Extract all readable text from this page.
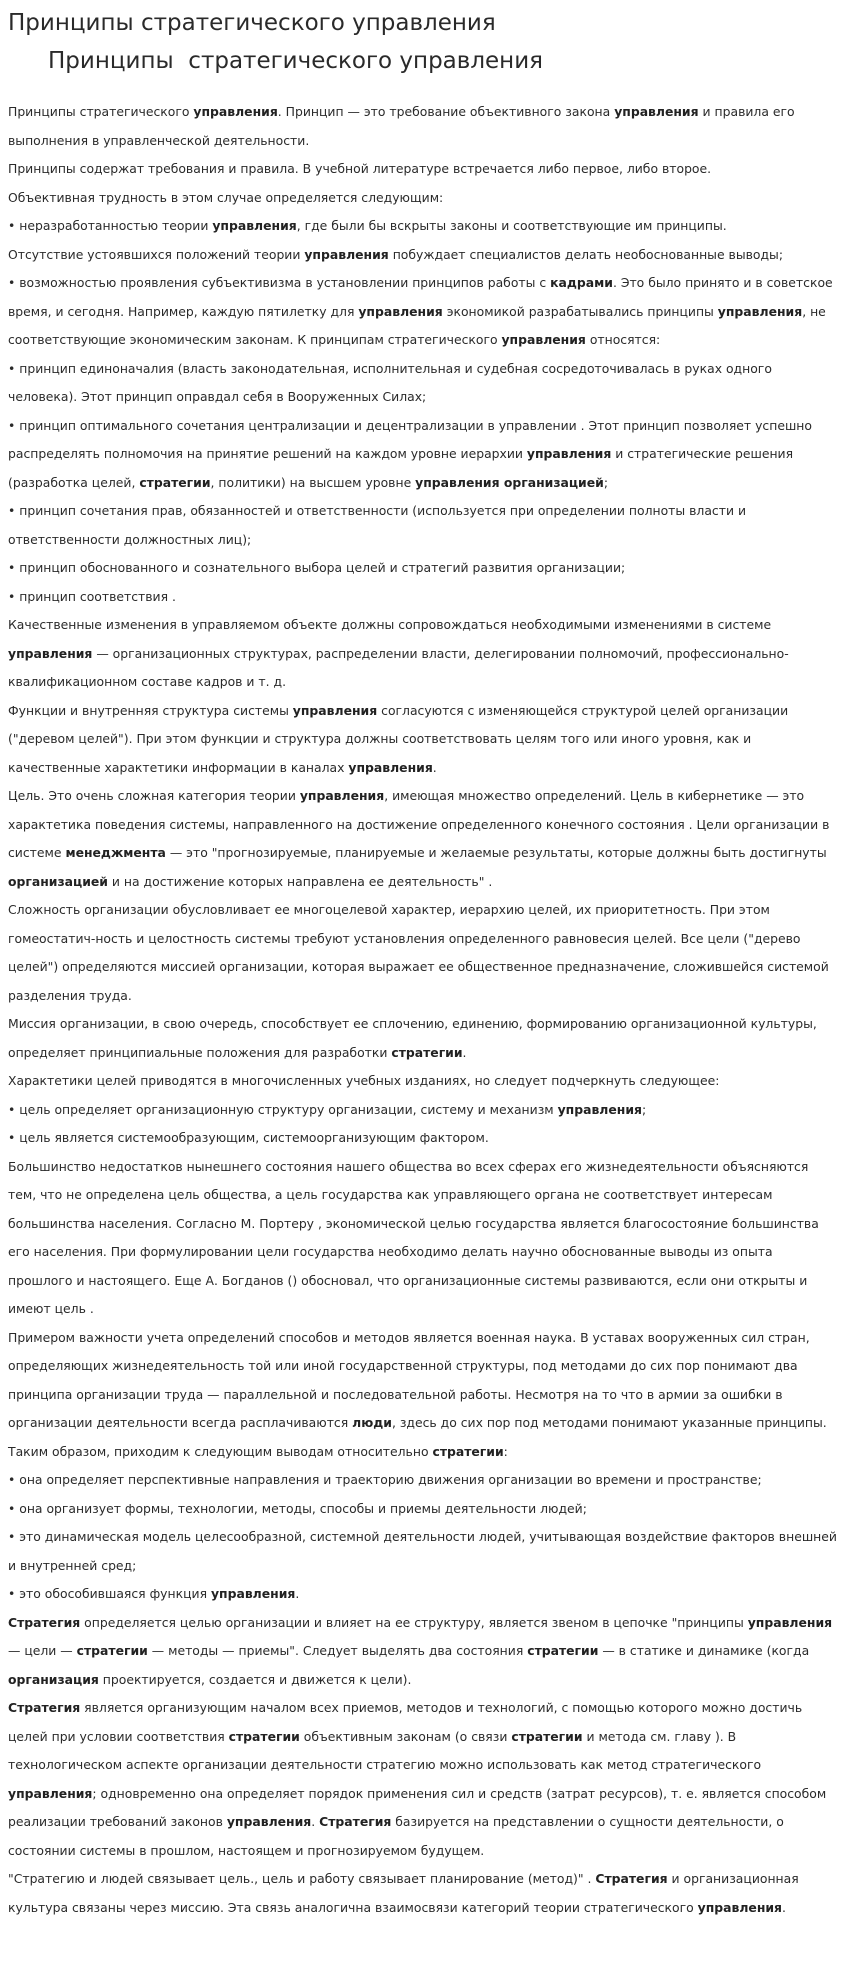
Принципы стратегического управления
Принципы  стратегического управления

Принципы стратегического управления. Принцип — это требование объективного закона управления и правила его выполнения в управленческой деятельности.

Принципы содержат требования и правила. В учебной литературе встречается либо первое, либо второе.

Объективная трудность в этом случае определяется следующим:

• неразработанностью теории управления, где были бы вскрыты законы и соответствующие им принципы.

Отсутствие устоявшихся положений теории управления побуждает специалистов делать необоснованные выводы;

• возможностью проявления субъективизма в установлении принципов работы с кадрами. Это было принято и в советское время, и сегодня. Например, каждую пятилетку для управления экономикой разрабатывались принципы управления, не соответствующие экономическим законам. К принципам стратегического управления относятся:

• принцип единоначалия (власть законодательная, исполнительная и судебная сосредоточивалась в руках одного человека). Этот принцип оправдал себя в Вооруженных Силах;

• принцип оптимального сочетания централизации и децентрализации в управлении . Этот принцип позволяет успешно распределять полномочия на принятие решений на каждом уровне иерархии управления и стратегические решения (разработка целей, стратегии, политики) на высшем уровне управления организацией;

• принцип сочетания прав, обязанностей и ответственности (используется при определении полноты власти и ответственности должностных лиц);

• принцип обоснованного и сознательного выбора целей и стратегий развития организации;

• принцип соответствия .

Качественные изменения в управляемом объекте должны сопровождаться необходимыми изменениями в системе управления — организационных структурах, распределении власти, делегировании полномочий, профессионально-квалификационном составе кадров и т. д.

Функции и внутренняя структура системы управления согласуются с изменяющейся структурой целей организации ("деревом целей"). При этом функции и структура должны соответствовать целям того или иного уровня, как и качественные характетики информации в каналах управления.

Цель. Это очень сложная категория теории управления, имеющая множество определений. Цель в кибернетике — это характетика поведения системы, направленного на достижение определенного конечного состояния . Цели организации в системе менеджмента — это "прогнозируемые, планируемые и желаемые результаты, которые должны быть достигнуты организацией и на достижение которых направлена ее деятельность" .

Сложность организации обусловливает ее многоцелевой характер, иерархию целей, их приоритетность. При этом гомеостатич-ность и целостность системы требуют установления определенного равновесия целей. Все цели ("дерево целей") определяются миссией организации, которая выражает ее общественное предназначение, сложившейся системой разделения труда.

Миссия организации, в свою очередь, способствует ее сплочению, единению, формированию организационной культуры, определяет принципиальные положения для разработки стратегии.

Характетики целей приводятся в многочисленных учебных изданиях, но следует подчеркнуть следующее:

• цель определяет организационную структуру организации, систему и механизм управления;

• цель является системообразующим, системоорганизующим фактором.

Большинство недостатков нынешнего состояния нашего общества во всех сферах его жизнедеятельности объясняются тем, что не определена цель общества, а цель государства как управляющего органа не соответствует интересам большинства населения. Согласно М. Портеру , экономической целью государства является благосостояние большинства его населения. При формулировании цели государства необходимо делать научно обоснованные выводы из опыта прошлого и настоящего. Еще А. Богданов () обосновал, что организационные системы развиваются, если они открыты и имеют цель .

Примером важности учета определений способов и методов является военная наука. В уставах вооруженных сил стран, определяющих жизнедеятельность той или иной государственной структуры, под методами до сих пор понимают два принципа организации труда — параллельной и последовательной работы. Несмотря на то что в армии за ошибки в организации деятельности всегда расплачиваются люди, здесь до сих пор под методами понимают указанные принципы.

Таким образом, приходим к следующим выводам относительно стратегии:

• она определяет перспективные направления и траекторию движения организации во времени и пространстве;

• она организует формы, технологии, методы, способы и приемы деятельности людей;

• это динамическая модель целесообразной, системной деятельности людей, учитывающая воздействие факторов внешней и внутренней сред;

• это обособившаяся функция управления.

Стратегия определяется целью организации и влияет на ее структуру, является звеном в цепочке "принципы управления — цели — стратегии — методы — приемы". Следует выделять два состояния стратегии — в статике и динамике (когда организация проектируется, создается и движется к цели).

Стратегия является организующим началом всех приемов, методов и технологий, с помощью которого можно достичь целей при условии соответствия стратегии объективным законам (о связи стратегии и метода см. главу ). В технологическом аспекте организации деятельности стратегию можно использовать как метод стратегического управления; одновременно она определяет порядок применения сил и средств (затрат ресурсов), т. е. является способом реализации требований законов управления. Стратегия базируется на представлении о сущности деятельности, о состоянии системы в прошлом, настоящем и прогнозируемом будущем.

"Стратегию и людей связывает цель., цель и работу связывает планирование (метод)" . Стратегия и организационная культура связаны через миссию. Эта связь аналогична взаимосвязи категорий теории стратегического управления.
